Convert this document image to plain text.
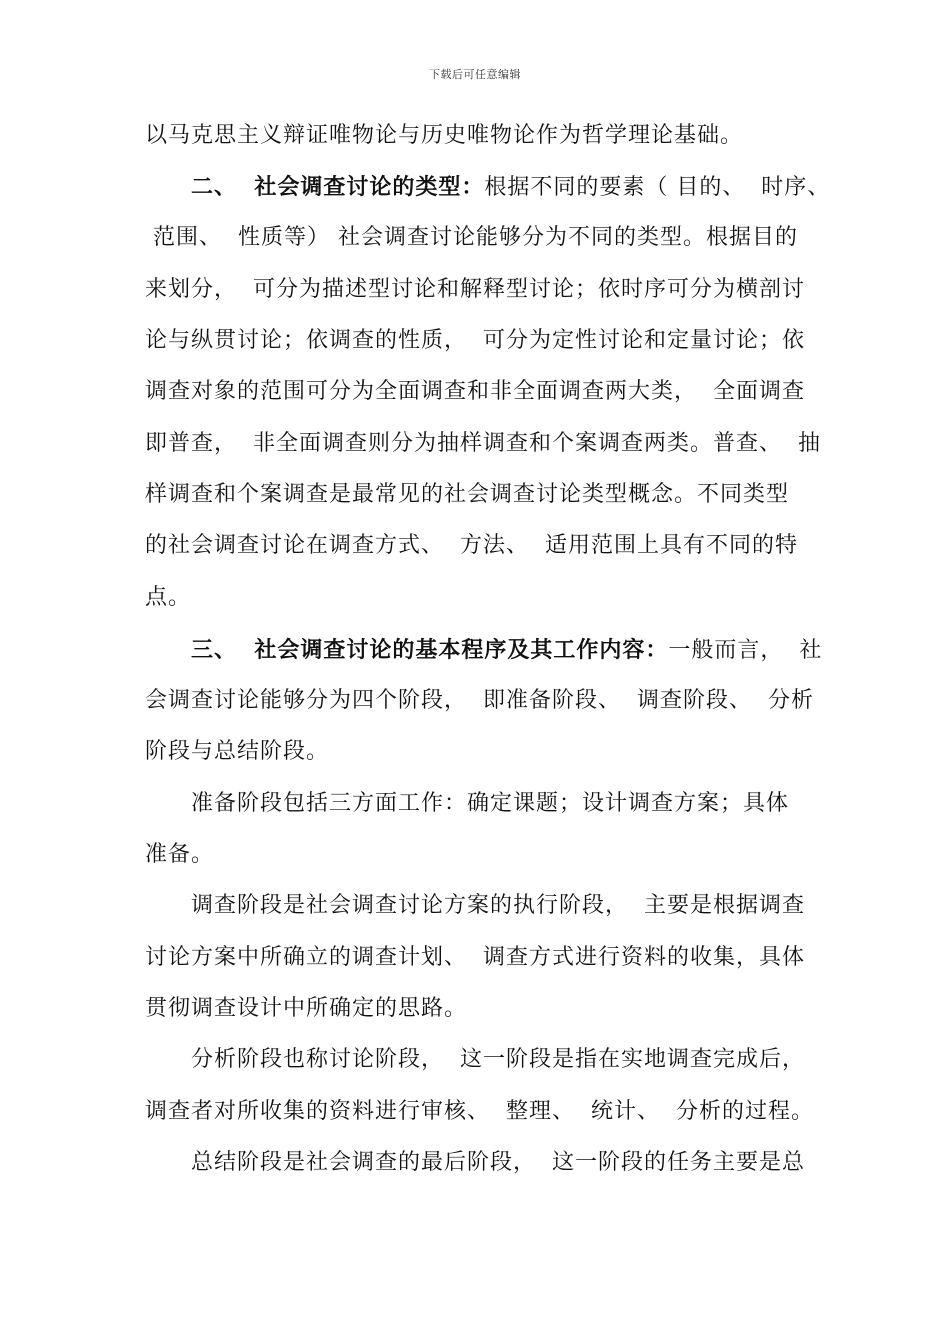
下载后可任意编辑
以马克思主义辩证唯物论与历史唯物论作为哲学理论基础。
二、  社会调查讨论的类型：根据不同的要素（ 目的、  时序、
范围、  性质等） 社会调查讨论能够分为不同的类型。根据目的
来划分，  可分为描述型讨论和解释型讨论；依时序可分为横剖讨
论与纵贯讨论；依调查的性质，  可分为定性讨论和定量讨论；依
调查对象的范围可分为全面调查和非全面调查两大类，  全面调查
即普查，  非全面调查则分为抽样调查和个案调查两类。普查、  抽
样调查和个案调查是最常见的社会调查讨论类型概念。不同类型
的社会调查讨论在调查方式、  方法、  适用范围上具有不同的特
点。
三、  社会调查讨论的基本程序及其工作内容：一般而言，  社
会调查讨论能够分为四个阶段，  即准备阶段、  调查阶段、  分析
阶段与总结阶段。
准备阶段包括三方面工作：确定课题；设计调查方案；具体
准备。
调查阶段是社会调查讨论方案的执行阶段，  主要是根据调查
讨论方案中所确立的调查计划、  调查方式进行资料的收集，具体
贯彻调查设计中所确定的思路。
分析阶段也称讨论阶段，  这一阶段是指在实地调查完成后，
调查者对所收集的资料进行审核、  整理、  统计、  分析的过程。
总结阶段是社会调查的最后阶段，  这一阶段的任务主要是总
